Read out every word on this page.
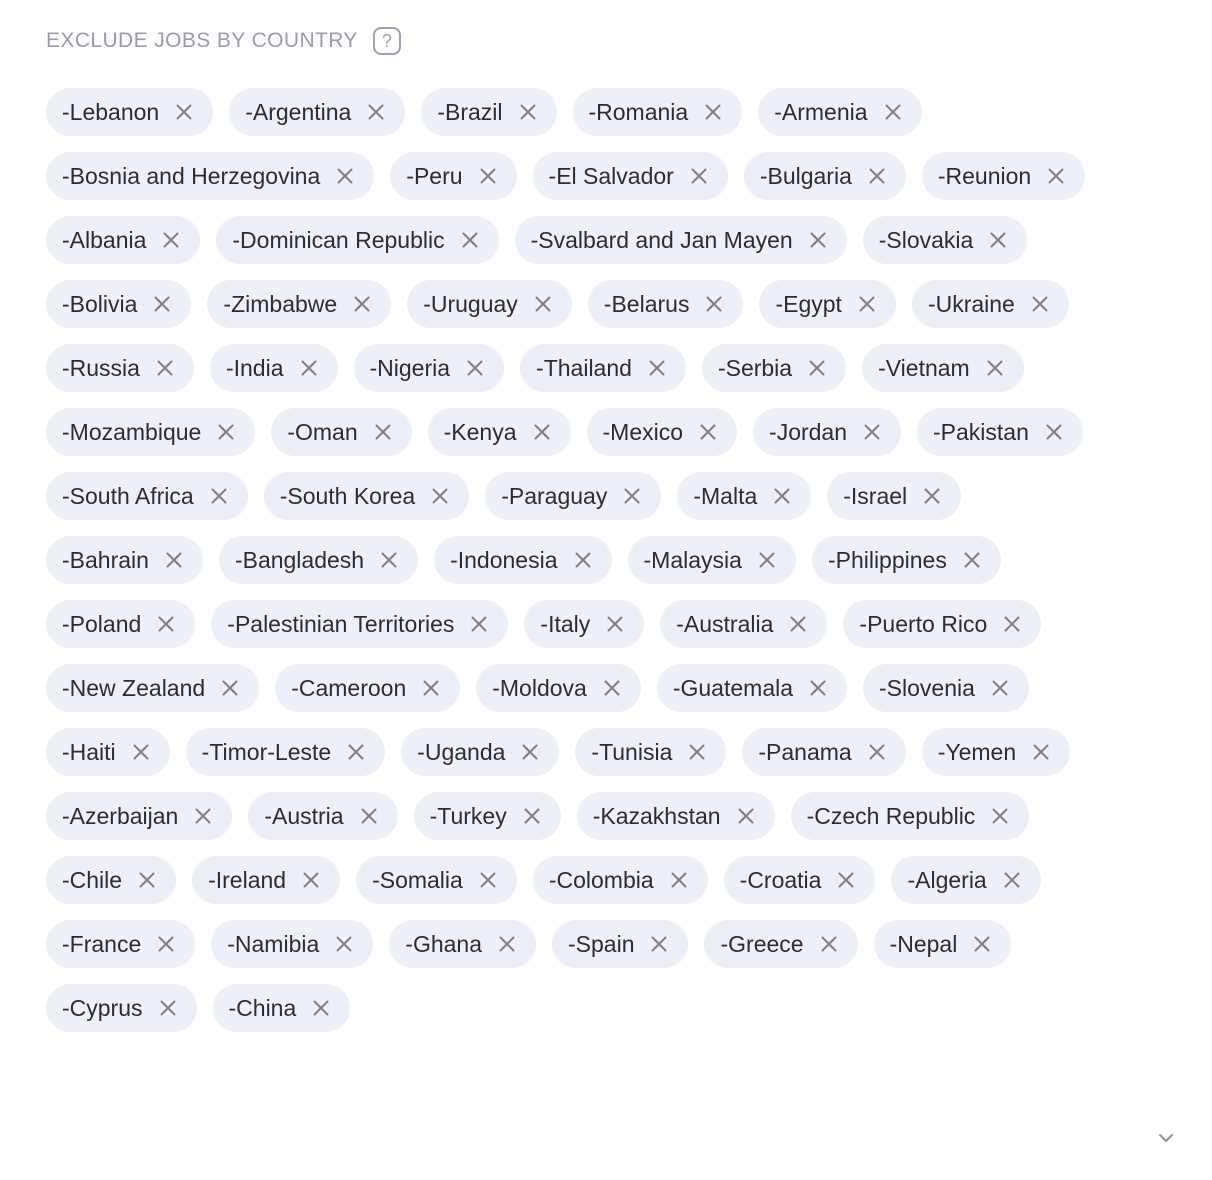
EXCLUDE JOBS BY COUNTRY	?
-Lebanon	-Argentina	-Brazil	-Romania	-Armenia
-Bosnia and Herzegovina	-Peru	-El Salvador	-Bulgaria	-Reunion
-Albania	-Dominican Republic	-Svalbard and Jan Mayen	-Slovakia
-Bolivia	-Zimbabwe	-Uruguay	-Belarus	-Egypt	-Ukraine
-Russia	-India	-Nigeria	-Thailand	-Serbia	-Vietnam
-Mozambique	-Oman	-Kenya	-Mexico	-Jordan	-Pakistan
-South Africa	-South Korea	-Paraguay	-Malta	-Israel
-Bahrain	-Bangladesh	-Indonesia	-Malaysia	-Philippines
-Poland	-Palestinian Territories	-Italy	-Australia	-Puerto Rico
-New Zealand	-Cameroon	-Moldova	-Guatemala	-Slovenia
-Haiti	-Timor-Leste	-Uganda	-Tunisia	-Panama	-Yemen
-Azerbaijan	-Austria	-Turkey	-Kazakhstan	-Czech Republic
-Chile	-Ireland	-Somalia	-Colombia	-Croatia	-Algeria
-France	-Namibia	-Ghana	-Spain	-Greece	-Nepal
-Cyprus	-China
